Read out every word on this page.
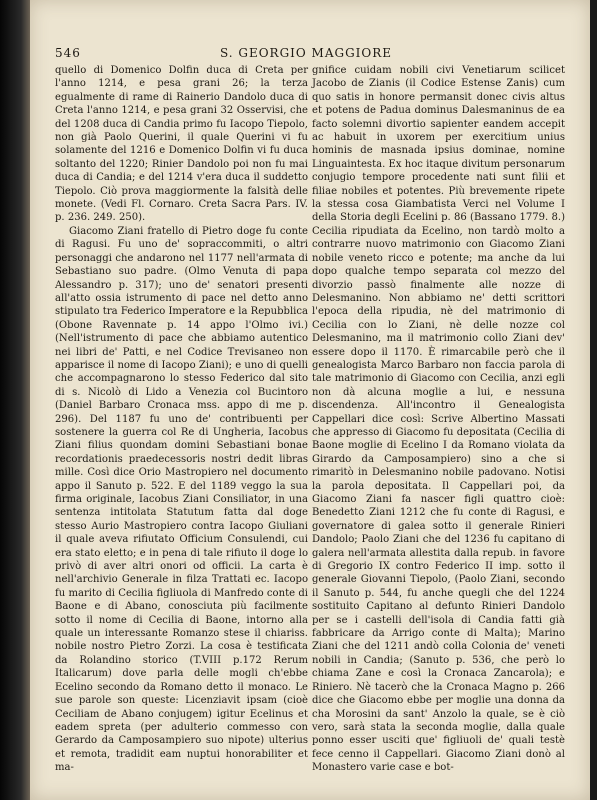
546	S. GEORGIO MAGGIORE

quello di Domenico Dolfin duca di Creta per l'anno 1214, e pesa grani 26; la terza egualmente di rame di Rainerio Dandolo duca di Creta l'anno 1214, e pesa grani 32 Osservisi, che del 1208 duca di Candia primo fu Iacopo Tiepolo, non già Paolo Querini, il quale Querini vi fu solamente del 1216 e Domenico Dolfin vi fu duca soltanto del 1220; Rinier Dandolo poi non fu mai duca di Candia; e del 1214 v'era duca il suddetto Tiepolo. Ciò prova maggiormente la falsità delle monete. (Vedi Fl. Cornaro. Creta Sacra Pars. IV. p. 236. 249. 250).

Giacomo Ziani fratello di Pietro doge fu conte di Ragusi. Fu uno de' sopraccommiti, o altri personaggi che andarono nel 1177 nell'armata di Sebastiano suo padre. (Olmo Venuta di papa Alessandro p. 317); uno de' senatori presenti all'atto ossia istrumento di pace nel detto anno stipulato tra Federico Imperatore e la Repubblica (Obone Ravennate p. 14 appo l'Olmo ivi.) (Nell'istrumento di pace che abbiamo autentico nei libri de' Patti, e nel Codice Trevisaneo non apparisce il nome di Iacopo Ziani); e uno di quelli che accompagnarono lo stesso Federico dal sito di s. Nicolò di Lido a Venezia col Bucintoro (Daniel Barbaro Cronaca mss. appo di me p. 296). Del 1187 fu uno de' contribuenti per sostenere la guerra col Re di Ungheria, Iacobus Ziani filius quondam domini Sebastiani bonae recordationis praedecessoris nostri dedit libras mille. Così dice Orio Mastropiero nel documento appo il Sanuto p. 522. E del 1189 veggo la sua firma originale, Iacobus Ziani Consiliator, in una sentenza intitolata Statutum fatta dal doge stesso Aurio Mastropiero contra Iacopo Giuliani il quale aveva rifiutato Officium Consulendi, cui era stato eletto; e in pena di tale rifiuto il doge lo privò di aver altri onori od officii. La carta è nell'archivio Generale in filza Trattati ec. Iacopo fu marito di Cecilia figliuola di Manfredo conte di Baone e di Abano, conosciuta più facilmente sotto il nome di Cecilia di Baone, intorno alla quale un interessante Romanzo stese il chiariss. nobile nostro Pietro Zorzi. La cosa è testificata da Rolandino storico (T.VIII p.172 Rerum Italicarum) dove parla delle mogli ch'ebbe Ecelino secondo da Romano detto il monaco. Le sue parole son queste: Licenziavit ipsam (cioè Ceciliam de Abano conjugem) igitur Ecelinus et eadem spreta (per adulterio commesso con Gerardo da Camposampiero suo nipote) ulterius et remota, tradidit eam nuptui honorabiliter et ma-

gnifice cuidam nobili civi Venetiarum scilicet Jacobo de Zianis (il Codice Estense Zanis) cum quo satis in honore permansit donec civis altus et potens de Padua dominus Dalesmaninus de ea facto solemni divortio sapienter eandem accepit ac habuit in uxorem per exercitium unius hominis de masnada ipsius dominae, nomine Linguaintesta. Ex hoc itaque divitum personarum conjugio tempore procedente nati sunt filii et filiae nobiles et potentes. Più brevemente ripete la stessa cosa Giambatista Verci nel Volume I della Storia degli Ecelini p. 86 (Bassano 1779. 8.) Cecilia ripudiata da Ecelino, non tardò molto a contrarre nuovo matrimonio con Giacomo Ziani nobile veneto ricco e potente; ma anche da lui dopo qualche tempo separata col mezzo del divorzio passò finalmente alle nozze di Delesmanino. Non abbiamo ne' detti scrittori l'epoca della ripudia, nè del matrimonio di Cecilia con lo Ziani, nè delle nozze col Delesmanino, ma il matrimonio collo Ziani dev' essere dopo il 1170. È rimarcabile però che il genealogista Marco Barbaro non faccia parola di tale matrimonio di Giacomo con Cecilia, anzi egli non dà alcuna moglie a lui, e nessuna discendenza. All'incontro il Genealogista Cappellari dice così: Scrive Albertino Massati che appresso di Giacomo fu depositata (Cecilia di Baone moglie di Ecelino I da Romano violata da Girardo da Camposampiero) sino a che si rimaritò in Delesmanino nobile padovano. Notisi la parola depositata. Il Cappellari poi, da Giacomo Ziani fa nascer figli quattro cioè: Benedetto Ziani 1212 che fu conte di Ragusi, e governatore di galea sotto il generale Rinieri Dandolo; Paolo Ziani che del 1236 fu capitano di galera nell'armata allestita dalla repub. in favore di Gregorio IX contro Federico II imp. sotto il generale Giovanni Tiepolo, (Paolo Ziani, secondo il Sanuto p. 544, fu anche quegli che del 1224 sostituito Capitano al defunto Rinieri Dandolo per se i castelli dell'isola di Candia fatti già fabbricare da Arrigo conte di Malta); Marino Ziani che del 1211 andò colla Colonia de' veneti nobili in Candia; (Sanuto p. 536, che però lo chiama Zane e così la Cronaca Zancarola); e Riniero. Nè tacerò che la Cronaca Magno p. 266 dice che Giacomo ebbe per moglie una donna da cha Morosini da sant' Anzolo la quale, se è ciò vero, sarà stata la seconda moglie, dalla quale ponno esser usciti que' figliuoli de' quali testè fece cenno il Cappellari. Giacomo Ziani donò al Monastero varie case e bot-
